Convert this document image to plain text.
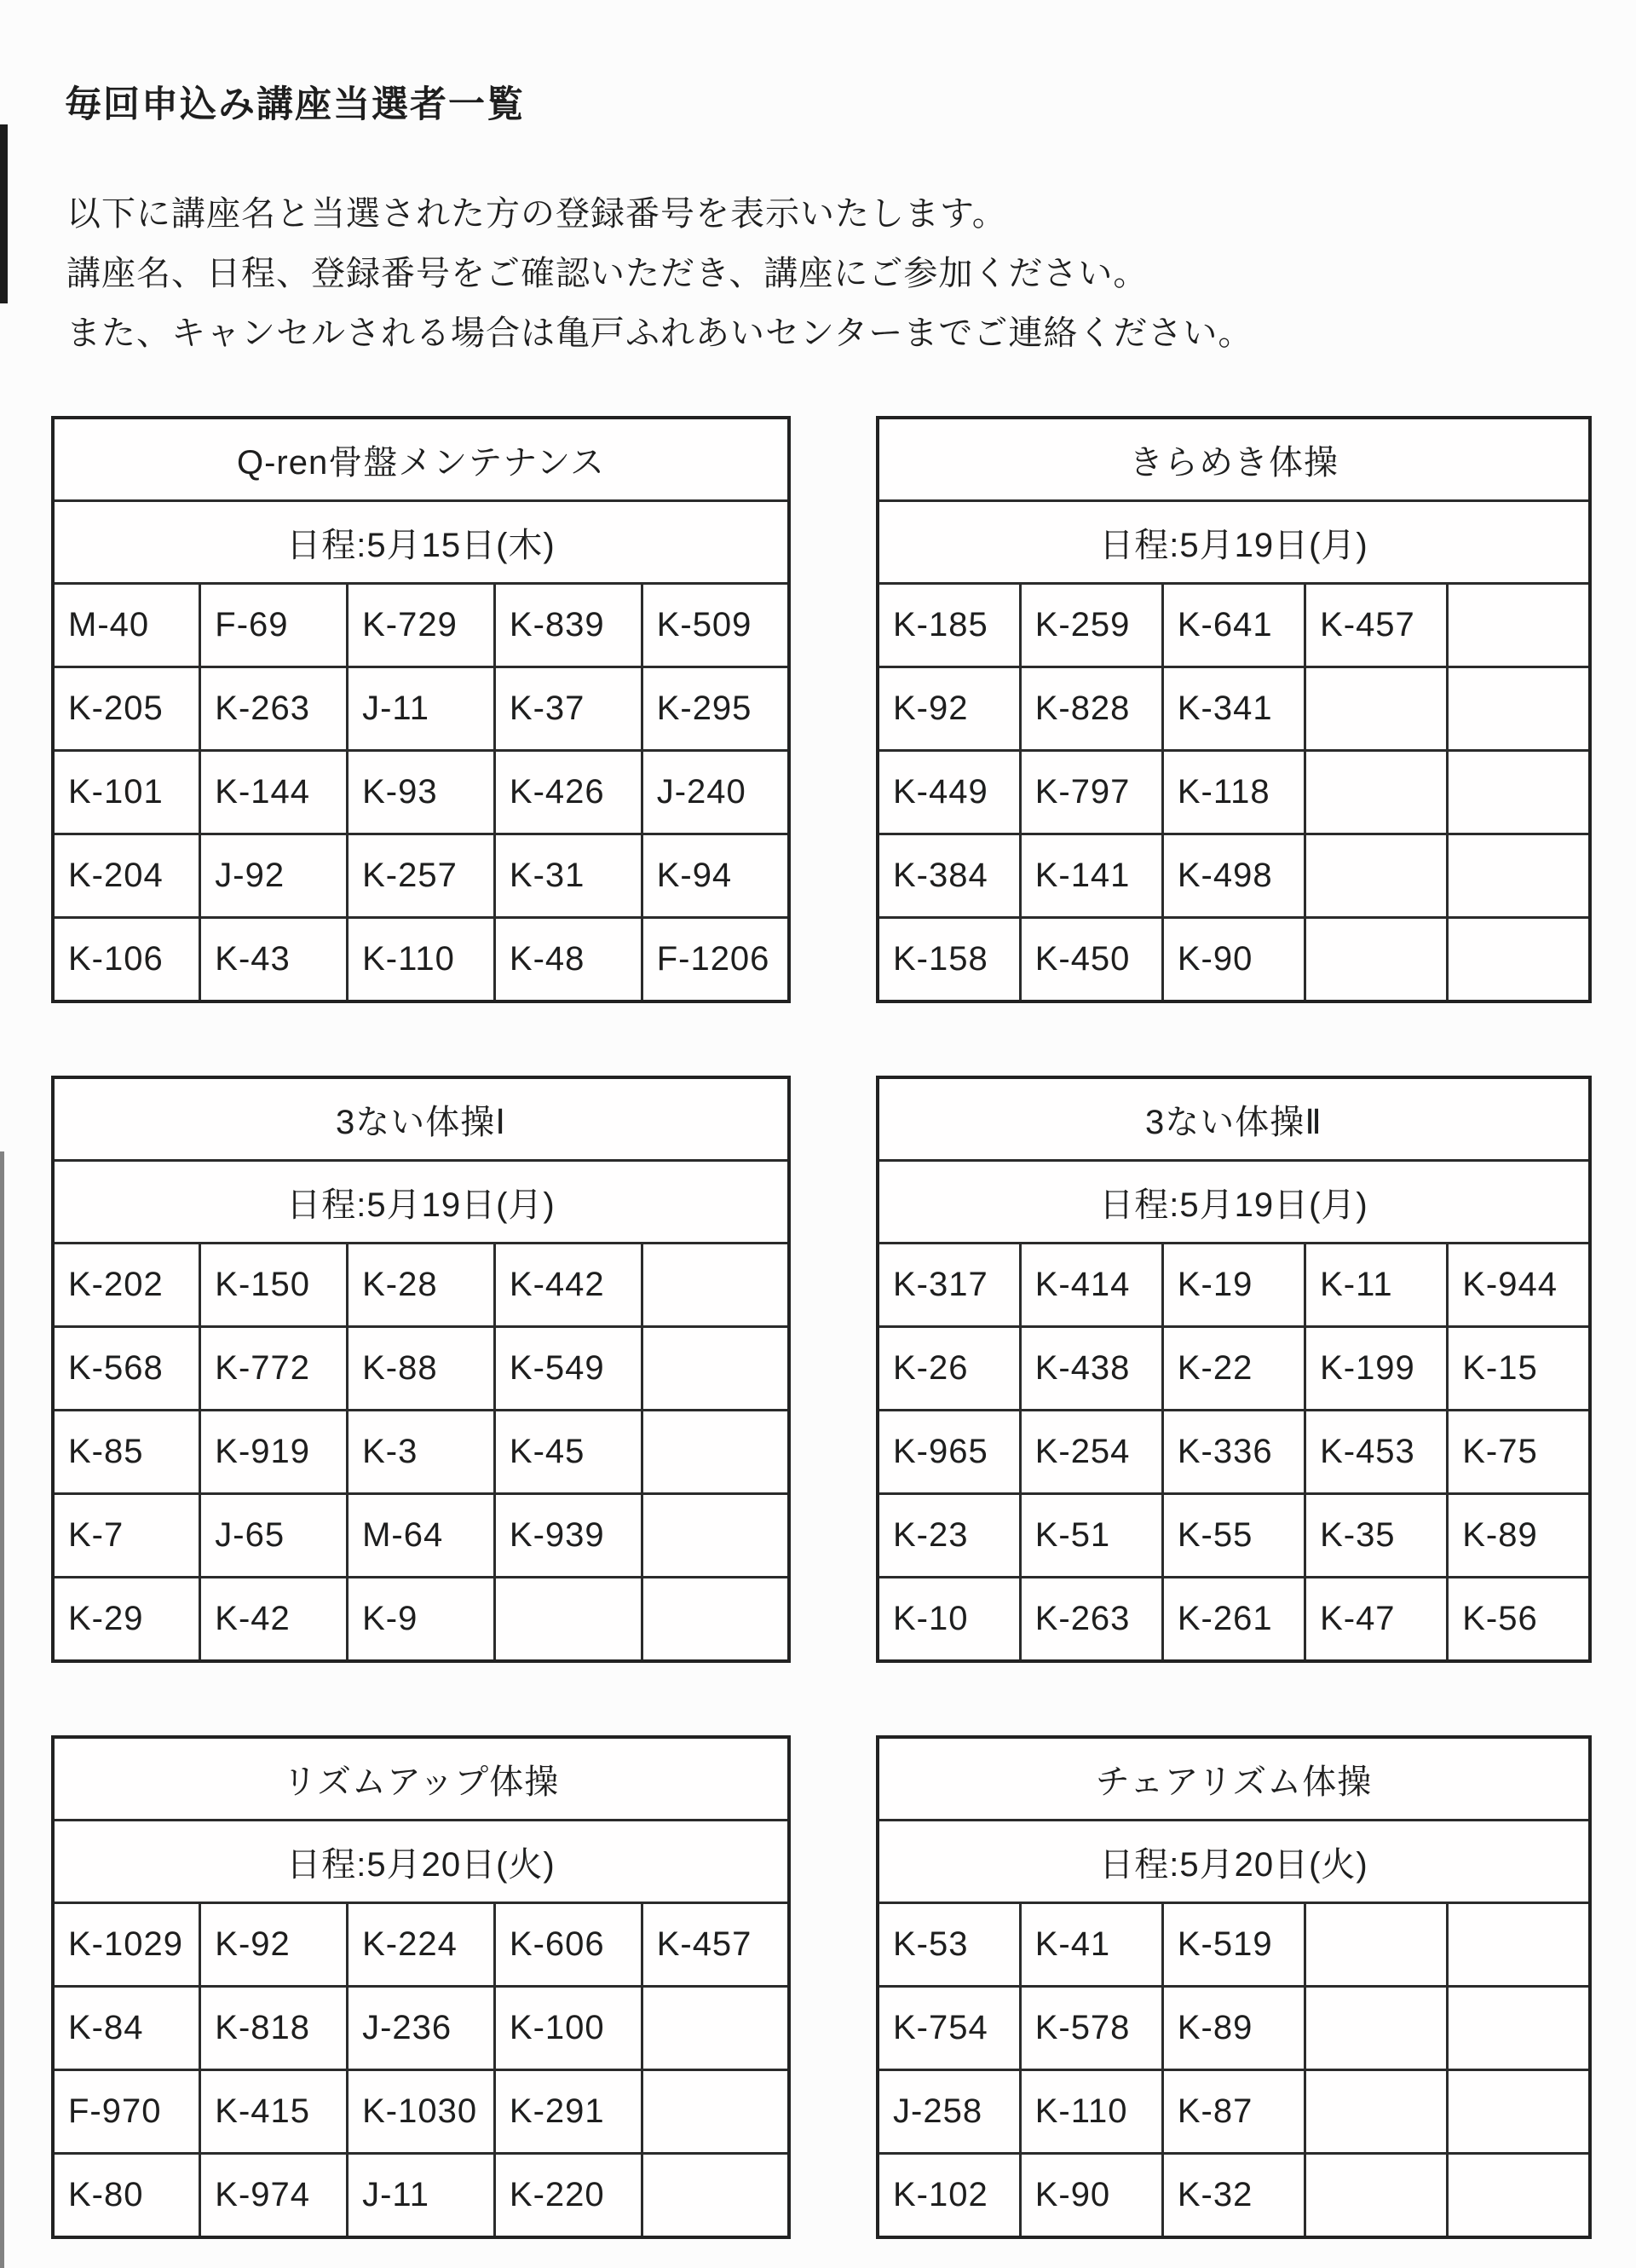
毎回申込み講座当選者一覧

以下に講座名と当選された方の登録番号を表示いたします。

講座名、日程、登録番号をご確認いただき、講座にご参加ください。

また、キャンセルされる場合は亀戸ふれあいセンターまでご連絡ください。

Q-ren骨盤メンテナンス				
日程:5月15日(木)				
M-40	F-69	K-729	K-839	K-509
K-205	K-263	J-11	K-37	K-295
K-101	K-144	K-93	K-426	J-240
K-204	J-92	K-257	K-31	K-94
K-106	K-43	K-110	K-48	F-1206
きらめき体操				
日程:5月19日(月)				
K-185	K-259	K-641	K-457	
K-92	K-828	K-341		
K-449	K-797	K-118		
K-384	K-141	K-498		
K-158	K-450	K-90		
3ない体操Ⅰ				
日程:5月19日(月)				
K-202	K-150	K-28	K-442	
K-568	K-772	K-88	K-549	
K-85	K-919	K-3	K-45	
K-7	J-65	M-64	K-939	
K-29	K-42	K-9		
3ない体操Ⅱ				
日程:5月19日(月)				
K-317	K-414	K-19	K-11	K-944
K-26	K-438	K-22	K-199	K-15
K-965	K-254	K-336	K-453	K-75
K-23	K-51	K-55	K-35	K-89
K-10	K-263	K-261	K-47	K-56
リズムアップ体操				
日程:5月20日(火)				
K-1029	K-92	K-224	K-606	K-457
K-84	K-818	J-236	K-100	
F-970	K-415	K-1030	K-291	
K-80	K-974	J-11	K-220	
チェアリズム体操				
日程:5月20日(火)				
K-53	K-41	K-519		
K-754	K-578	K-89		
J-258	K-110	K-87		
K-102	K-90	K-32		
